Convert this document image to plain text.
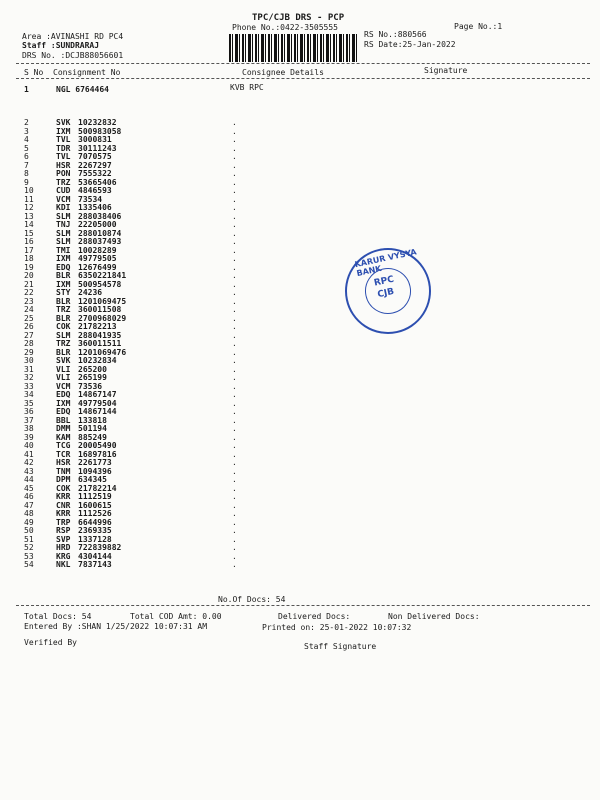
TPC/CJB DRS - PCP
Phone No.:0422-3505555	Page No.:1
Area :AVINASHI RD PC4
Staff :SUNDRARAJ
DRS No. :DCJB88056601
RS No.:880566
RS Date:25-Jan-2022
S No Consignment No	Consignee Details	Signature
1	NGL 6764464	KVB RPC
2	SVK 10232832	.
3	IXM 500983058	.
4	TVL 3000831	.
5	TDR 30111243	.
6	TVL 7070575	.
7	HSR 2267297	.
8	PON 7555322	.
9	TRZ 53665406	.
10	CUD 4846593	.
11	VCM 73534	.
12	KDI 1335406	.
13	SLM 288038406	.
14	TNJ 22205000	.
15	SLM 288010874	.
16	SLM 288037493	.
17	TMI 10028289	.
18	IXM 49779505	.
19	EDQ 12676499	.
20	BLR 6350221841	.
21	IXM 500954578	.
22	STY 24236	.
23	BLR 1201069475	.
24	TRZ 360011508	.
25	BLR 2700968029	.
26	COK 21782213	.
27	SLM 288041935	.
28	TRZ 360011511	.
29	BLR 1201069476	.
30	SVK 10232834	.
31	VLI 265200	.
32	VLI 265199	.
33	VCM 73536	.
34	EDQ 14867147	.
35	IXM 49779504	.
36	EDQ 14867144	.
37	BBL 133818	.
38	DMM 501194	.
39	KAM 885249	.
40	TCG 20005490	.
41	TCR 16897816	.
42	HSR 2261773	.
43	TNM 1094396	.
44	DPM 634345	.
45	COK 21782214	.
46	KRR 1112519	.
47	CNR 1600615	.
48	KRR 1112526	.
49	TRP 6644996	.
50	RSP 2369335	.
51	SVP 1337128	.
52	HRD 722839882	.
53	KRG 4304144	.
54	NKL 7837143	.
KARUR VYSYA BANK
RPC
CJB
No.Of Docs: 54
Total Docs: 54	Total COD Amt: 0.00	Delivered Docs:	Non Delivered Docs:
Entered By :SHAN 1/25/2022 10:07:31 AM	Printed on: 25-01-2022 10:07:32
Verified By	Staff Signature
